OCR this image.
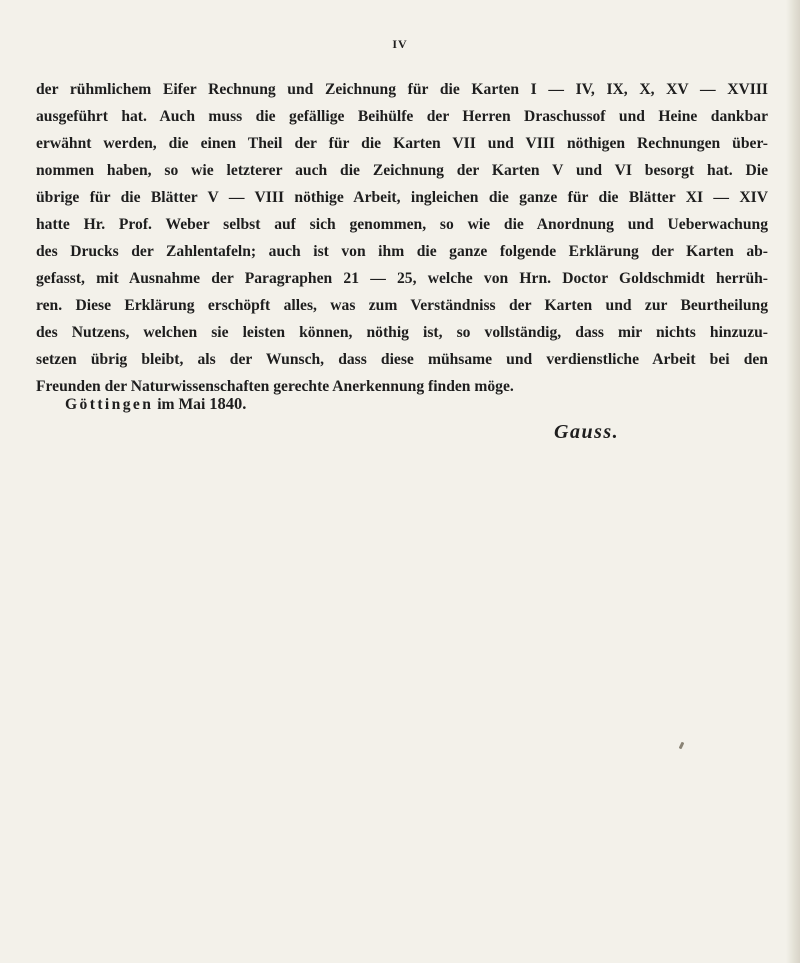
IV

der rühmlichem Eifer Rechnung und Zeichnung für die Karten I — IV, IX, X, XV — XVIII
ausgeführt hat. Auch muss die gefällige Beihülfe der Herren Draschussof und Heine dankbar
erwähnt werden, die einen Theil der für die Karten VII und VIII nöthigen Rechnungen über-
nommen haben, so wie letzterer auch die Zeichnung der Karten V und VI besorgt hat. Die
übrige für die Blätter V — VIII nöthige Arbeit, ingleichen die ganze für die Blätter XI — XIV
hatte Hr. Prof. Weber selbst auf sich genommen, so wie die Anordnung und Ueberwachung
des Drucks der Zahlentafeln; auch ist von ihm die ganze folgende Erklärung der Karten ab-
gefasst, mit Ausnahme der Paragraphen 21 — 25, welche von Hrn. Doctor Goldschmidt herrüh-
ren. Diese Erklärung erschöpft alles, was zum Verständniss der Karten und zur Beurtheilung
des Nutzens, welchen sie leisten können, nöthig ist, so vollständig, dass mir nichts hinzuzu-
setzen übrig bleibt, als der Wunsch, dass diese mühsame und verdienstliche Arbeit bei den
Freunden der Naturwissenschaften gerechte Anerkennung finden möge.

Göttingen im Mai 1840.
Gauss.
